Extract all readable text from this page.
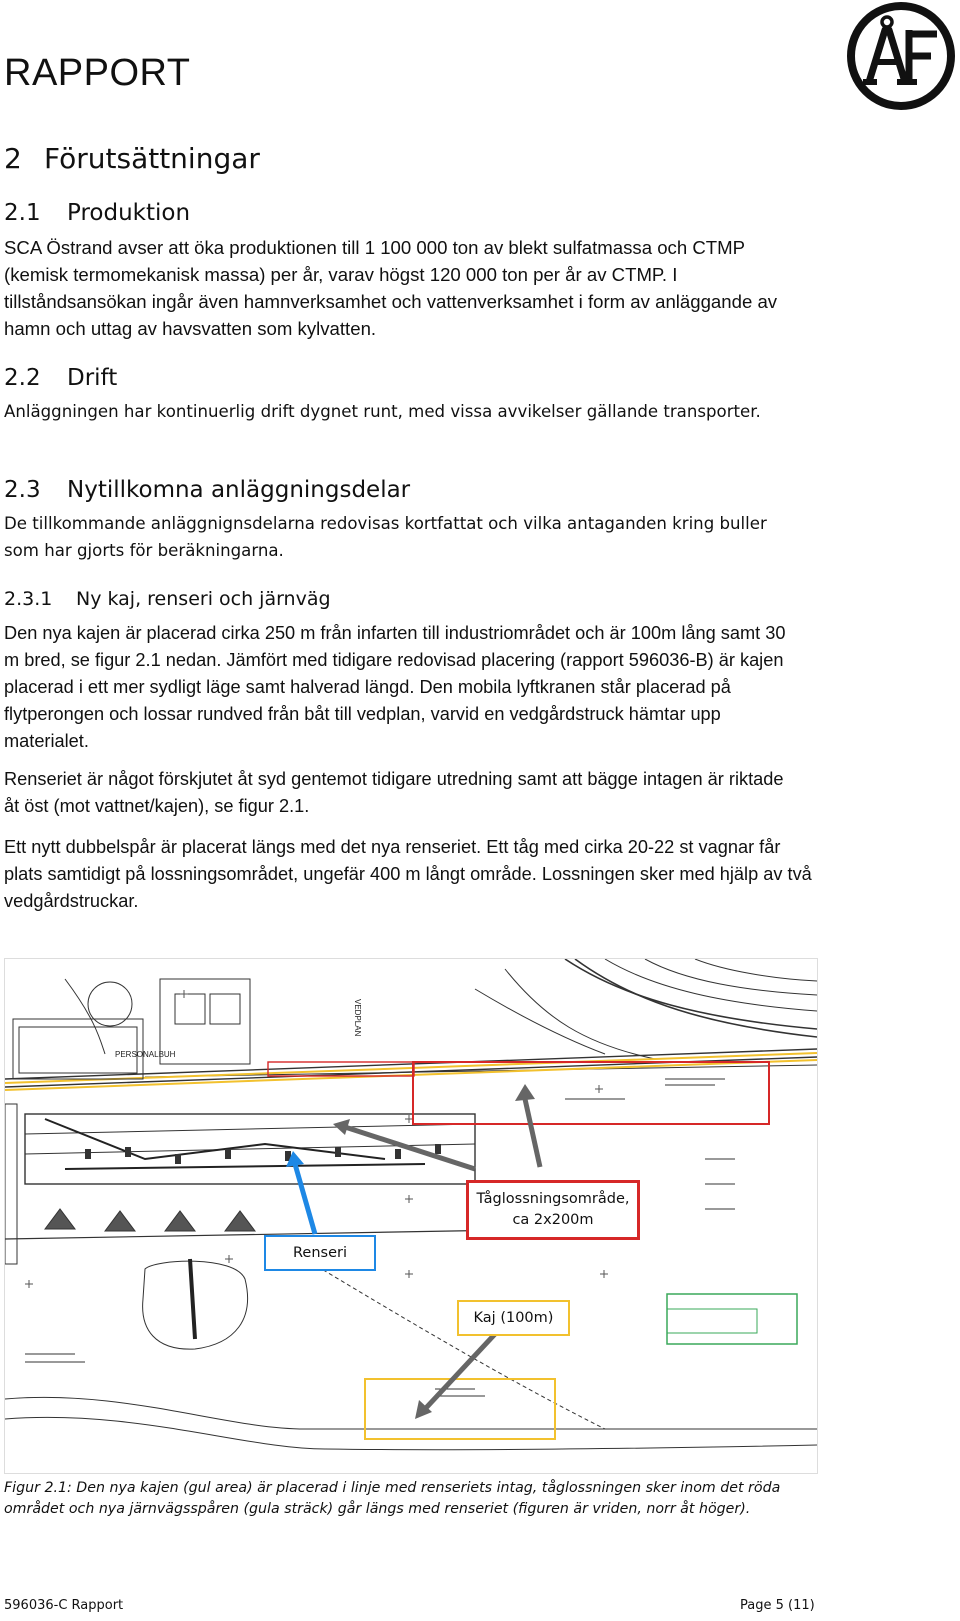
RAPPORT
2 Förutsättningar
2.1 Produktion
SCA Östrand avser att öka produktionen till 1 100 000 ton av blekt sulfatmassa och CTMP (kemisk termomekanisk massa) per år, varav högst 120 000 ton per år av CTMP. I tillståndsansökan ingår även hamnverksamhet och vattenverksamhet i form av anläggande av hamn och uttag av havsvatten som kylvatten.
2.2 Drift
Anläggningen har kontinuerlig drift dygnet runt, med vissa avvikelser gällande transporter.
2.3 Nytillkomna anläggningsdelar
De tillkommande anläggnignsdelarna redovisas kortfattat och vilka antaganden kring buller som har gjorts för beräkningarna.
2.3.1 Ny kaj, renseri och järnväg
Den nya kajen är placerad cirka 250 m från infarten till industriområdet och är 100m lång samt 30 m bred, se figur 2.1 nedan. Jämfört med tidigare redovisad placering (rapport 596036-B) är kajen placerad i ett mer sydligt läge samt halverad längd. Den mobila lyftkranen står placerad på flytperongen och lossar rundved från båt till vedplan, varvid en vedgårdstruck hämtar upp materialet.
Renseriet är något förskjutet åt syd gentemot tidigare utredning samt att bägge intagen är riktade åt öst (mot vattnet/kajen), se figur 2.1.
Ett nytt dubbelspår är placerat längs med det nya renseriet. Ett tåg med cirka 20-22 st vagnar får plats samtidigt på lossningsområdet, ungefär 400 m långt område. Lossningen sker med hjälp av två vedgårdstruckar.
PERSONALBUH
VEDPLAN
Tåglossningsområde, ca 2x200m
Renseri
Kaj (100m)
Figur 2.1: Den nya kajen (gul area) är placerad i linje med renseriets intag, tåglossningen sker inom det röda området och nya järnvägsspåren (gula sträck) går längs med renseriet (figuren är vriden, norr åt höger).
596036-C Rapport	Page 5 (11)
